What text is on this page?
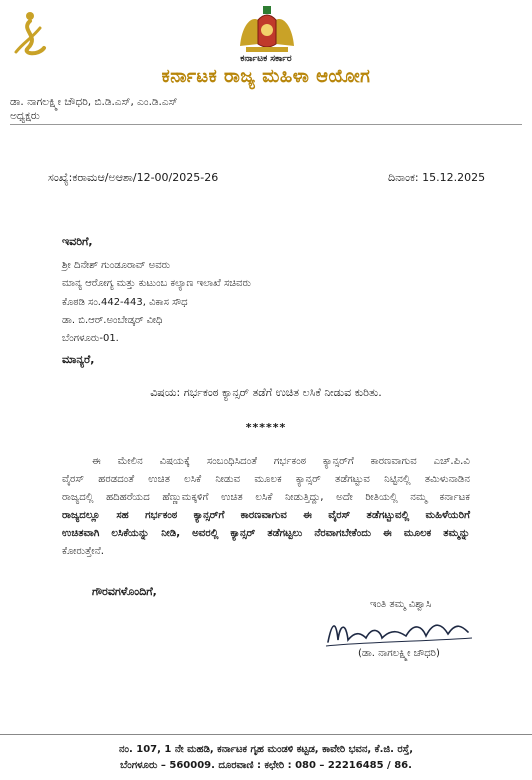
ಕರ್ನಾಟಕ ಸರ್ಕಾರ
ಕರ್ನಾಟಕ ರಾಜ್ಯ ಮಹಿಳಾ ಆಯೋಗ
ಡಾ. ನಾಗಲಕ್ಷ್ಮೀ ಚೌಧರಿ, ಬಿ.ಡಿ.ಎಸ್, ಎಂ.ಡಿ.ಎಸ್
ಅಧ್ಯಕ್ಷರು
ಸಂಖ್ಯೆ:ಕರಾಮಆ/ಅಆಶಾ/12-00/2025-26	ದಿನಾಂಕ: 15.12.2025
ಇವರಿಗೆ,
ಶ್ರೀ ದಿನೇಶ್ ಗುಂಡೂರಾವ್ ಅವರು
ಮಾನ್ಯ ಆರೋಗ್ಯ ಮತ್ತು ಕುಟುಂಬ ಕಲ್ಯಾಣ ಇಲಾಖೆ ಸಚಿವರು
ಕೊಠಡಿ ಸಂ.442-443, ವಿಕಾಸ ಸೌಧ
ಡಾ. ಬಿ.ಆರ್.ಅಂಬೇಡ್ಕರ್ ವೀಧಿ
ಬೆಂಗಳೂರು-01.
ಮಾನ್ಯರೆ,
ವಿಷಯ: ಗರ್ಭಕಂಠ ಕ್ಯಾನ್ಸರ್ ತಡೆಗೆ ಉಚಿತ ಲಸಿಕೆ ನೀಡುವ ಕುರಿತು.
******
ಈ ಮೇಲಿನ ವಿಷಯಕ್ಕೆ ಸಂಬಂಧಿಸಿದಂತೆ ಗರ್ಭಕಂಠ ಕ್ಯಾನ್ಸರ್‌ಗೆ ಕಾರಣವಾಗುವ ಎಚ್.ಪಿ.ವಿ
ವೈರಸ್ ಹರಡದಂತೆ ಉಚಿತ ಲಸಿಕೆ ನೀಡುವ ಮೂಲಕ ಕ್ಯಾನ್ಸರ್ ತಡೆಗಟ್ಟುವ ನಿಟ್ಟಿನಲ್ಲಿ ತಮಿಳುನಾಡಿನ
ರಾಜ್ಯದಲ್ಲಿ ಹದಿಹರೆಯದ ಹೆಣ್ಣುಮಕ್ಕಳಿಗೆ ಉಚಿತ ಲಸಿಕೆ ನೀಡುತ್ತಿದ್ದು, ಅದೇ ರೀತಿಯಲ್ಲಿ ನಮ್ಮ ಕರ್ನಾಟಕ
ರಾಜ್ಯದಲ್ಲೂ ಸಹ ಗರ್ಭಕಂಠ ಕ್ಯಾನ್ಸರ್‌ಗೆ ಕಾರಣವಾಗುವ ಈ ವೈರಸ್ ತಡೆಗಟ್ಟುವಲ್ಲಿ ಮಹಿಳೆಯರಿಗೆ
ಉಚಿತವಾಗಿ ಲಸಿಕೆಯನ್ನು ನೀಡಿ, ಅವರಲ್ಲಿ ಕ್ಯಾನ್ಸರ್ ತಡೆಗಟ್ಟಲು ನೆರವಾಗಬೇಕೆಂದು ಈ ಮೂಲಕ ತಮ್ಮನ್ನು
ಕೋರುತ್ತೇನೆ.
ಗೌರವಗಳೊಂದಿಗೆ,
ಇಂತಿ ತಮ್ಮ ವಿಶ್ವಾಸಿ
(ಡಾ. ನಾಗಲಕ್ಷ್ಮೀ ಚೌಧರಿ)
ನಂ. 107, 1 ನೇ ಮಹಡಿ, ಕರ್ನಾಟಕ ಗೃಹ ಮಂಡಳಿ ಕಟ್ಟಡ, ಕಾವೇರಿ ಭವನ, ಕೆ.ಜಿ. ರಸ್ತೆ,
ಬೆಂಗಳೂರು – 560009. ದೂರವಾಣಿ : ಕಛೇರಿ : 080 – 22216485 / 86.
